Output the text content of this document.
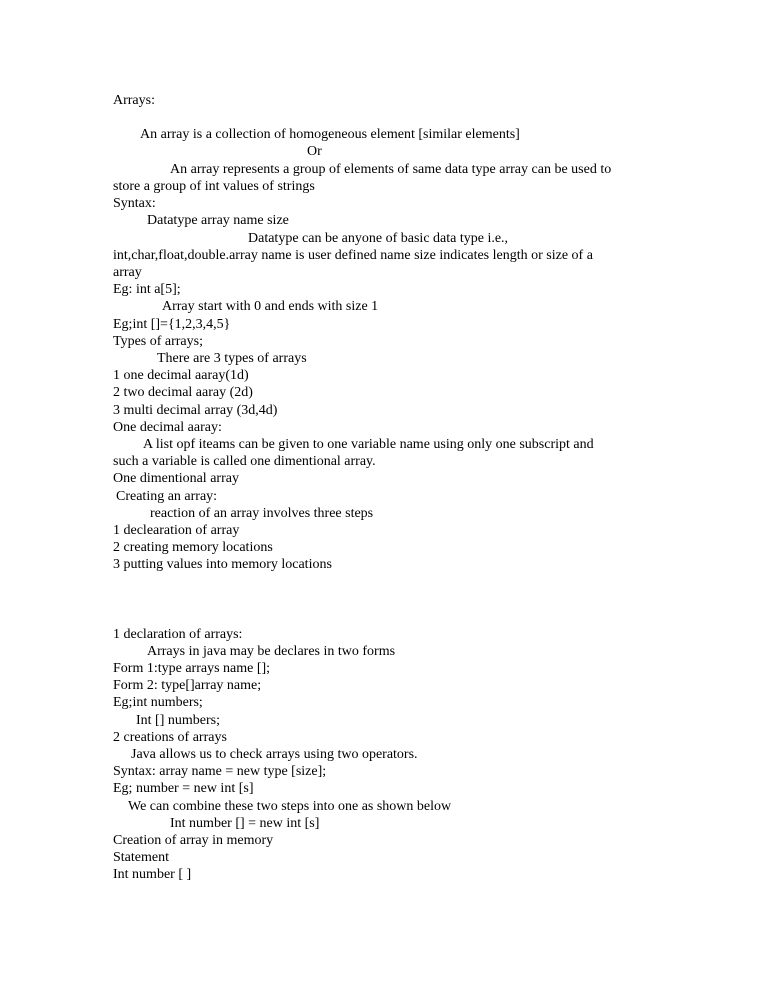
Arrays:
An array is a collection of homogeneous element [similar elements]
Or
An array represents a group of elements of same data type array can be used to
store a group of int values of strings
Syntax:
Datatype array name size
Datatype can be anyone of basic data type i.e.,
int,char,float,double.array name is user defined name size indicates length or size of a
array
Eg: int a[5];
Array start with 0 and ends with size 1
Eg;int []={1,2,3,4,5}
Types of arrays;
There are 3 types of arrays
1 one decimal aaray(1d)
2 two decimal aaray (2d)
3 multi decimal array (3d,4d)
One decimal aaray:
A list opf iteams can be given to one variable name using only one subscript and
such a variable is called one dimentional array.
One dimentional array
Creating an array:
reaction of an array involves three steps
1 declearation of array
2 creating memory locations
3 putting values into memory locations
1 declaration of arrays:
Arrays in java may be declares in two forms
Form 1:type arrays name [];
Form 2: type[]array name;
Eg;int numbers;
Int [] numbers;
2 creations of arrays
Java allows us to check arrays using two operators.
Syntax: array name = new type [size];
Eg; number = new int [s]
We can combine these two steps into one as shown below
Int number [] = new int [s]
Creation of array in memory
Statement
Int number [ ]
